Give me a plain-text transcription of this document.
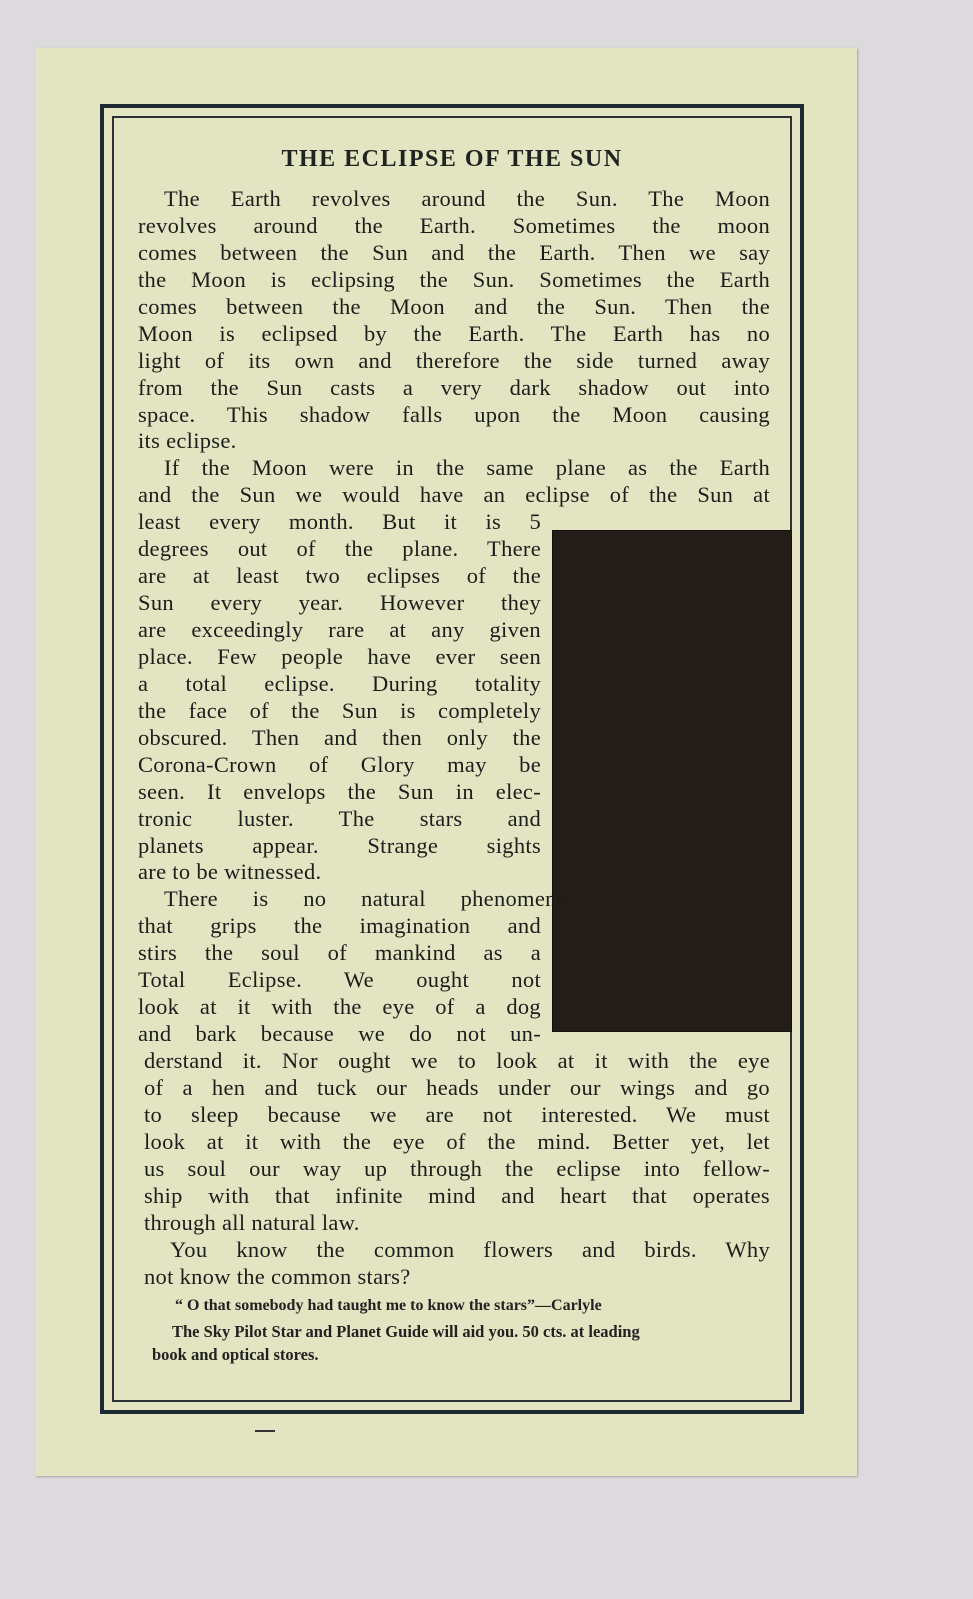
THE ECLIPSE OF THE SUN
The Earth revolves around the Sun. The Moon
revolves around the Earth. Sometimes the moon
comes between the Sun and the Earth. Then we say
the Moon is eclipsing the Sun. Sometimes the Earth
comes between the Moon and the Sun. Then the
Moon is eclipsed by the Earth. The Earth has no
light of its own and therefore the side turned away
from the Sun casts a very dark shadow out into
space. This shadow falls upon the Moon causing
its eclipse.
If the Moon were in the same plane as the Earth
and the Sun we would have an eclipse of the Sun at
least every month. But it is 5
degrees out of the plane. There
are at least two eclipses of the
Sun every year. However they
are exceedingly rare at any given
place. Few people have ever seen
a total eclipse. During totality
the face of the Sun is completely
obscured. Then and then only the
Corona-Crown of Glory may be
seen. It envelops the Sun in elec-
tronic luster. The stars and
planets appear. Strange sights
are to be witnessed.
There is no natural phenomena
that grips the imagination and
stirs the soul of mankind as a
Total Eclipse. We ought not
look at it with the eye of a dog
and bark because we do not un-
derstand it. Nor ought we to look at it with the eye
of a hen and tuck our heads under our wings and go
to sleep because we are not interested. We must
look at it with the eye of the mind. Better yet, let
us soul our way up through the eclipse into fellow-
ship with that infinite mind and heart that operates
through all natural law.
You know the common flowers and birds. Why
not know the common stars?
“ O that somebody had taught me to know the stars”—Carlyle
The Sky Pilot Star and Planet Guide will aid you. 50 cts. at leading
book and optical stores.
